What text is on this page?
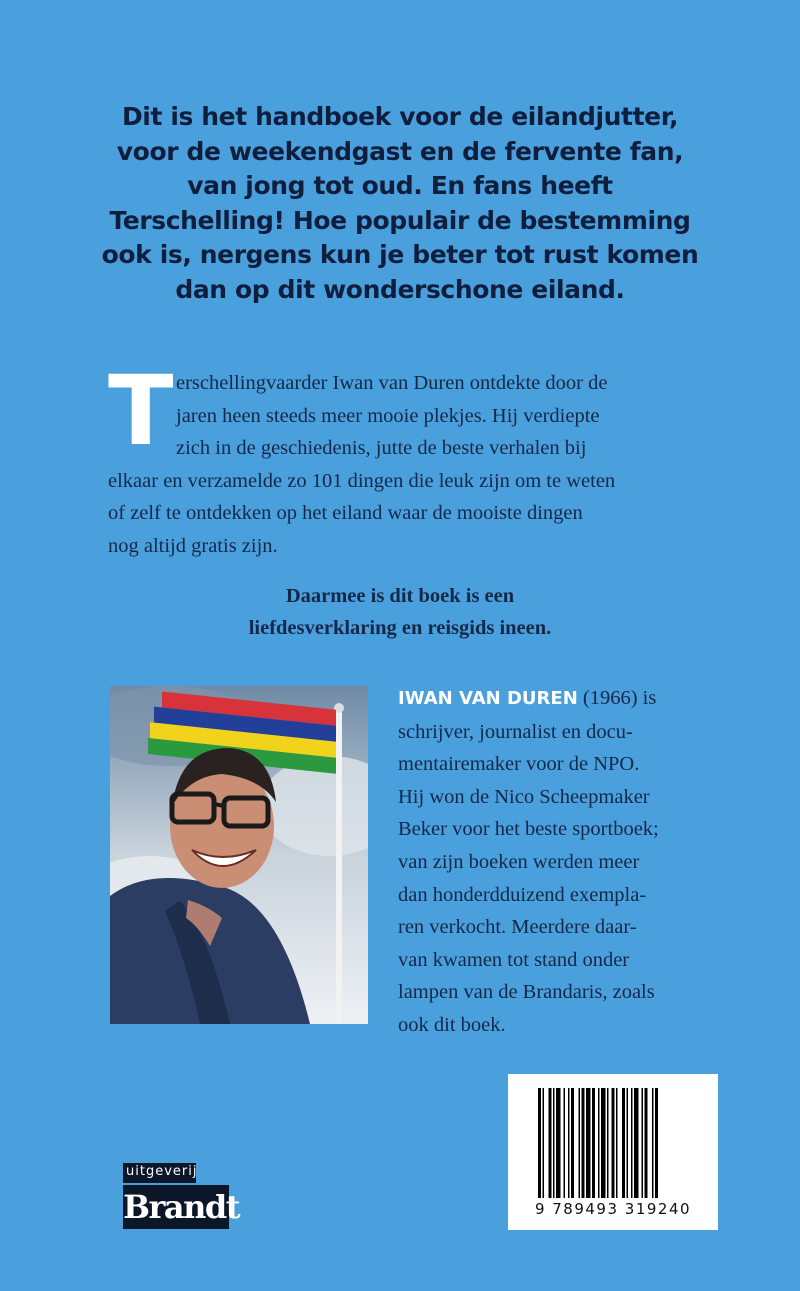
Dit is het handboek voor de eilandjutter,
voor de weekendgast en de fervente fan,
van jong tot oud. En fans heeft
Terschelling! Hoe populair de bestemming
ook is, nergens kun je beter tot rust komen
dan op dit wonderschone eiland.
T erschellingvaarder Iwan van Duren ontdekte door de
jaren heen steeds meer mooie plekjes. Hij verdiepte
zich in de geschiedenis, jutte de beste verhalen bij
elkaar en verzamelde zo 101 dingen die leuk zijn om te weten
of zelf te ontdekken op het eiland waar de mooiste dingen
nog altijd gratis zijn.
Daarmee is dit boek is een
liefdesverklaring en reisgids ineen.
IWAN VAN DUREN (1966) is
schrijver, journalist en docu-
mentairemaker voor de NPO.
Hij won de Nico Scheepmaker
Beker voor het beste sportboek;
van zijn boeken werden meer
dan honderdduizend exempla-
ren verkocht. Meerdere daar-
van kwamen tot stand onder
lampen van de Brandaris, zoals
ook dit boek.
uitgeverij
Brandt	9 789493 319240
